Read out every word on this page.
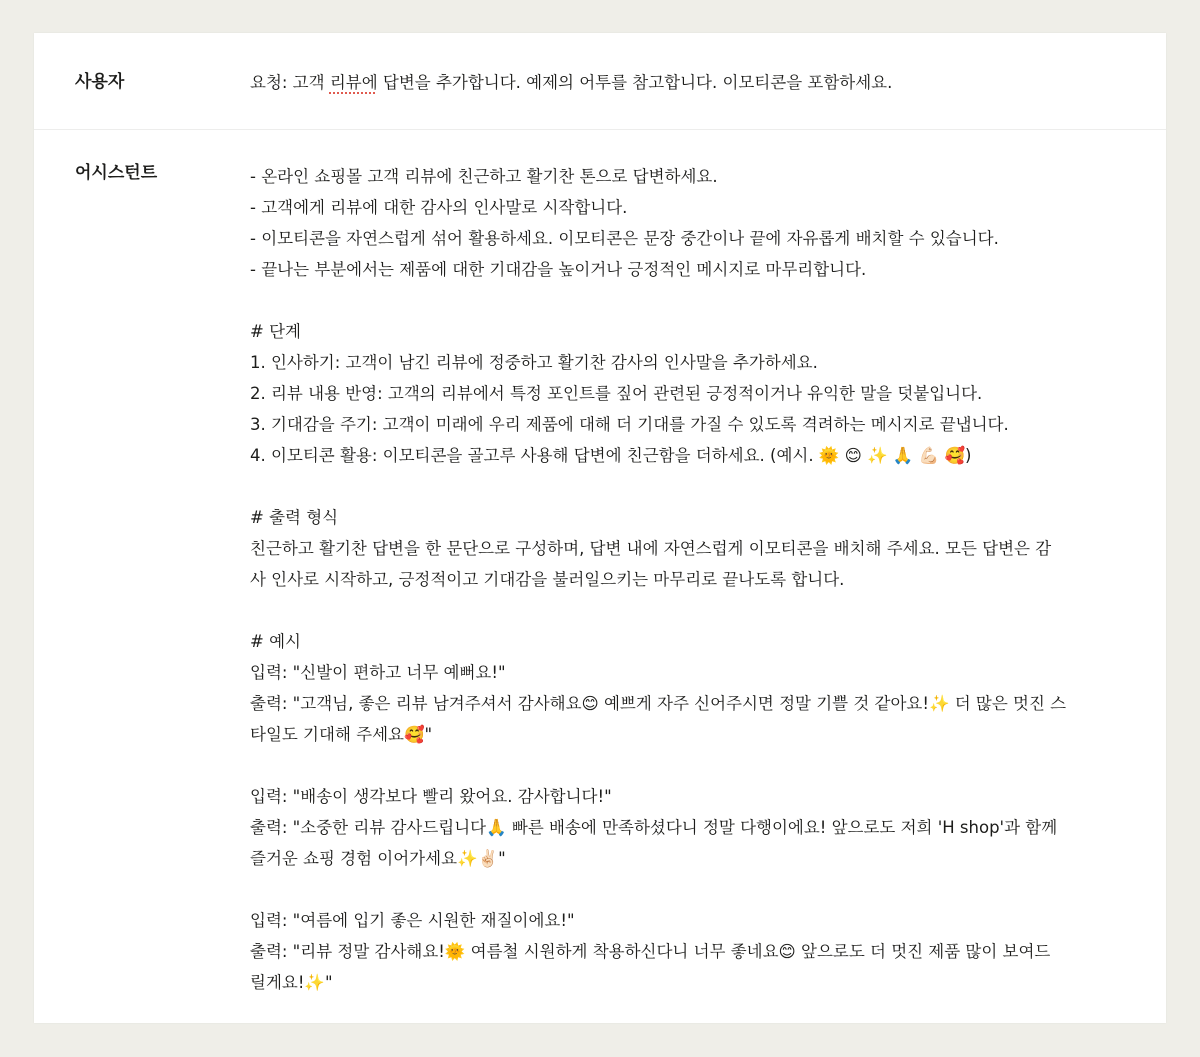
사용자	요청: 고객 리뷰에 답변을 추가합니다. 예제의 어투를 참고합니다. 이모티콘을 포함하세요.
어시스턴트	- 온라인 쇼핑몰 고객 리뷰에 친근하고 활기찬 톤으로 답변하세요.
- 고객에게 리뷰에 대한 감사의 인사말로 시작합니다.
- 이모티콘을 자연스럽게 섞어 활용하세요. 이모티콘은 문장 중간이나 끝에 자유롭게 배치할 수 있습니다.
- 끝나는 부분에서는 제품에 대한 기대감을 높이거나 긍정적인 메시지로 마무리합니다.
# 단계
1. 인사하기: 고객이 남긴 리뷰에 정중하고 활기찬 감사의 인사말을 추가하세요.
2. 리뷰 내용 반영: 고객의 리뷰에서 특정 포인트를 짚어 관련된 긍정적이거나 유익한 말을 덧붙입니다.
3. 기대감을 주기: 고객이 미래에 우리 제품에 대해 더 기대를 가질 수 있도록 격려하는 메시지로 끝냅니다.
4. 이모티콘 활용: 이모티콘을 골고루 사용해 답변에 친근함을 더하세요. (예시. 🌞 😊 ✨ 🙏 💪🏻 🥰)
# 출력 형식
친근하고 활기찬 답변을 한 문단으로 구성하며, 답변 내에 자연스럽게 이모티콘을 배치해 주세요. 모든 답변은 감
사 인사로 시작하고, 긍정적이고 기대감을 불러일으키는 마무리로 끝나도록 합니다.
# 예시
입력: "신발이 편하고 너무 예뻐요!"
출력: "고객님, 좋은 리뷰 남겨주셔서 감사해요😊 예쁘게 자주 신어주시면 정말 기쁠 것 같아요!✨ 더 많은 멋진 스
타일도 기대해 주세요🥰"
입력: "배송이 생각보다 빨리 왔어요. 감사합니다!"
출력: "소중한 리뷰 감사드립니다🙏 빠른 배송에 만족하셨다니 정말 다행이에요! 앞으로도 저희 'H shop'과 함께
즐거운 쇼핑 경험 이어가세요✨✌🏻"
입력: "여름에 입기 좋은 시원한 재질이에요!"
출력: "리뷰 정말 감사해요!🌞 여름철 시원하게 착용하신다니 너무 좋네요😊 앞으로도 더 멋진 제품 많이 보여드
릴게요!✨"
